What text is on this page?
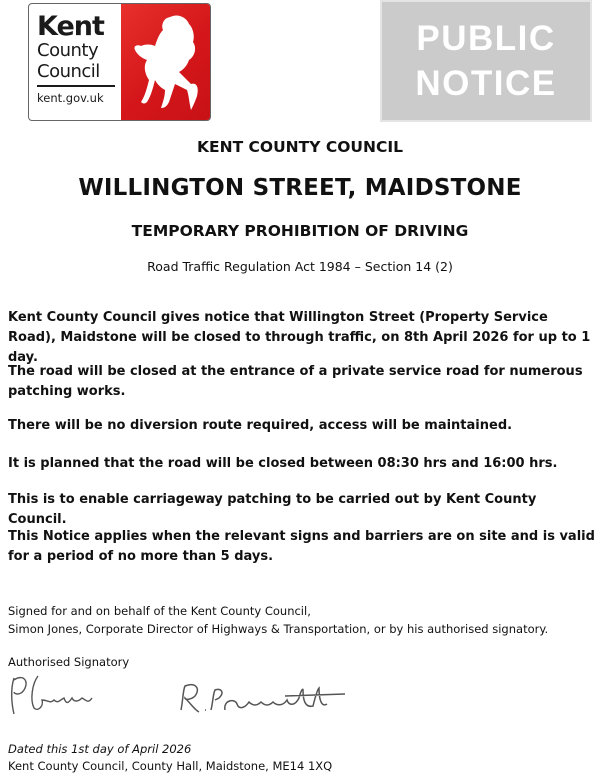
Kent
County
Council
kent.gov.uk
PUBLIC
NOTICE
KENT COUNTY COUNCIL
WILLINGTON STREET, MAIDSTONE
TEMPORARY PROHIBITION OF DRIVING
Road Traffic Regulation Act 1984 – Section 14 (2)
Kent County Council gives notice that Willington Street (Property Service Road), Maidstone will be closed to through traffic, on 8th April 2026 for up to 1 day.
The road will be closed at the entrance of a private service road for numerous patching works.
There will be no diversion route required, access will be maintained.
It is planned that the road will be closed between 08:30 hrs and 16:00 hrs.
This is to enable carriageway patching to be carried out by Kent County Council.
This Notice applies when the relevant signs and barriers are on site and is valid for a period of no more than 5 days.
Signed for and on behalf of the Kent County Council,
Simon Jones, Corporate Director of Highways & Transportation, or by his authorised signatory.
Authorised Signatory
Dated this 1st day of April 2026
Kent County Council, County Hall, Maidstone, ME14 1XQ
